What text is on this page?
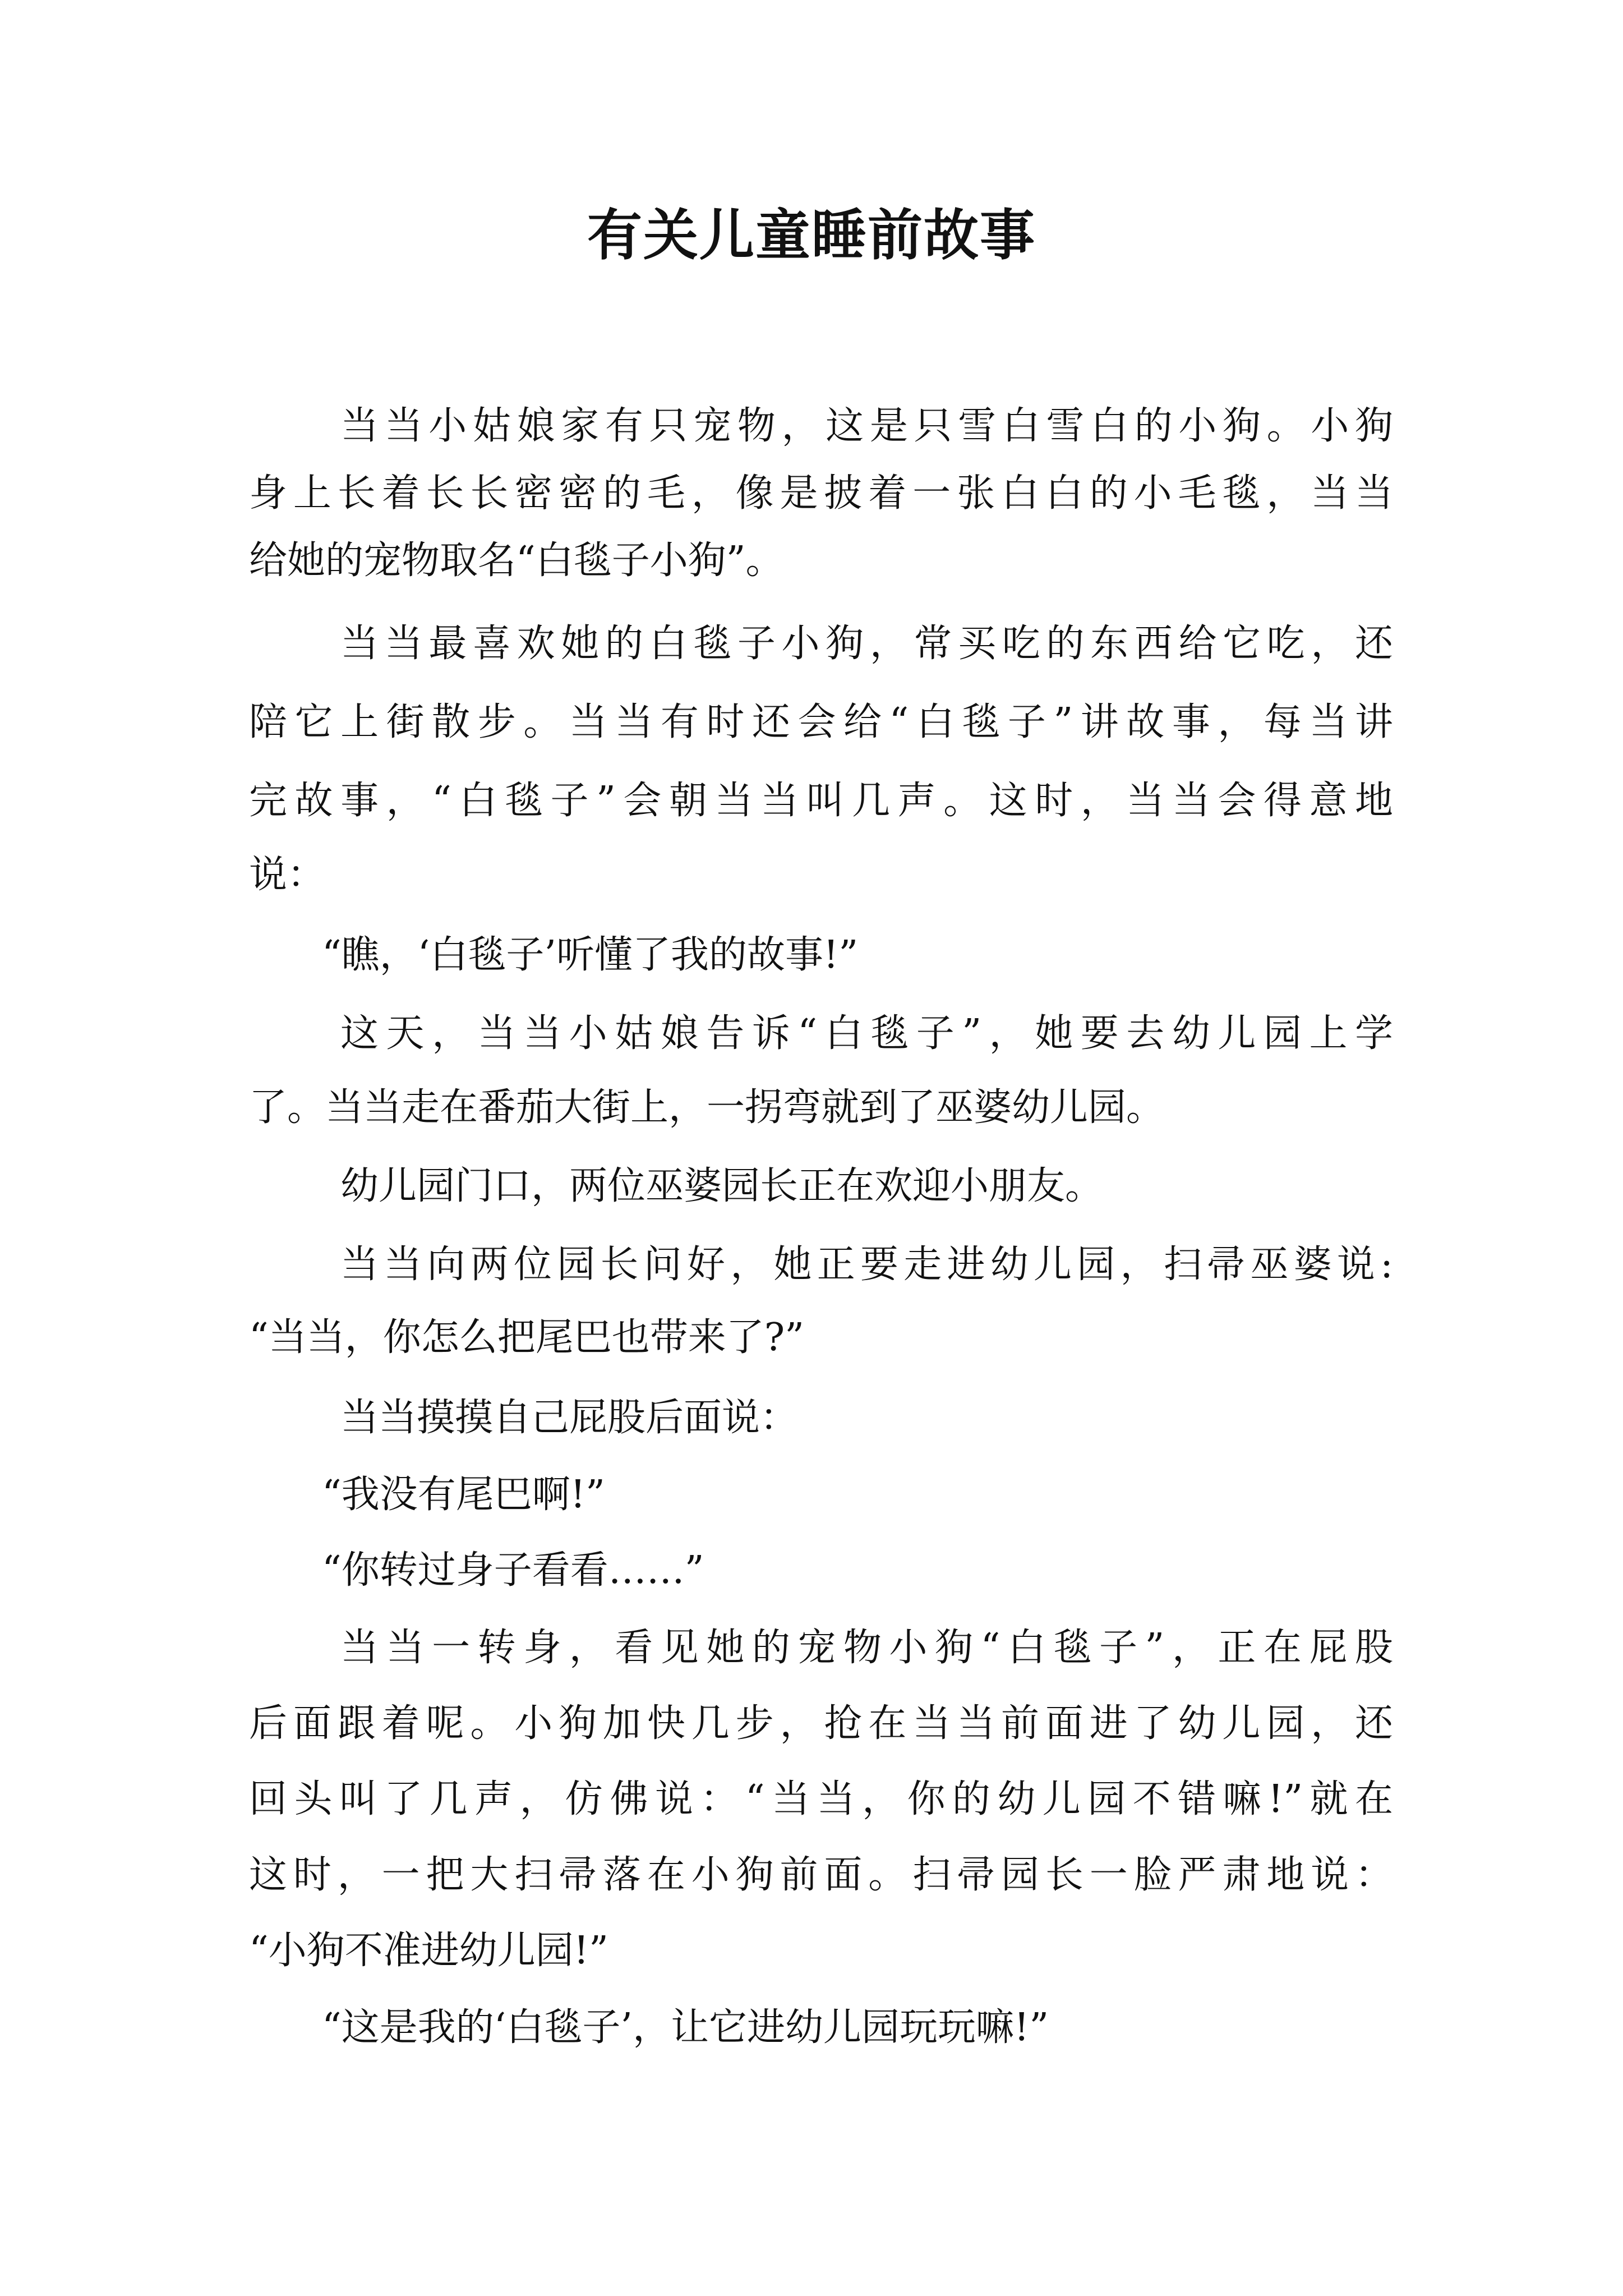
有关儿童睡前故事
当当小姑娘家有只宠物，这是只雪白雪白的小狗。小狗
身上长着长长密密的毛，像是披着一张白白的小毛毯，当当
给她的宠物取名“白毯子小狗”。
当当最喜欢她的白毯子小狗，常买吃的东西给它吃，还
陪它上街散步。当当有时还会给“白毯子”讲故事，每当讲
完故事，“白毯子”会朝当当叫几声。这时，当当会得意地
说：
“瞧，‘白毯子’听懂了我的故事!”
这天，当当小姑娘告诉“白毯子”，她要去幼儿园上学
了。当当走在番茄大街上，一拐弯就到了巫婆幼儿园。
幼儿园门口，两位巫婆园长正在欢迎小朋友。
当当向两位园长问好，她正要走进幼儿园，扫帚巫婆说:
“当当，你怎么把尾巴也带来了?”
当当摸摸自己屁股后面说：
“我没有尾巴啊!”
“你转过身子看看……”
当当一转身，看见她的宠物小狗“白毯子”，正在屁股
后面跟着呢。小狗加快几步，抢在当当前面进了幼儿园，还
回头叫了几声，仿佛说：“当当，你的幼儿园不错嘛!”就在
这时，一把大扫帚落在小狗前面。扫帚园长一脸严肃地说：
“小狗不准进幼儿园!”
“这是我的‘白毯子’，让它进幼儿园玩玩嘛!”
